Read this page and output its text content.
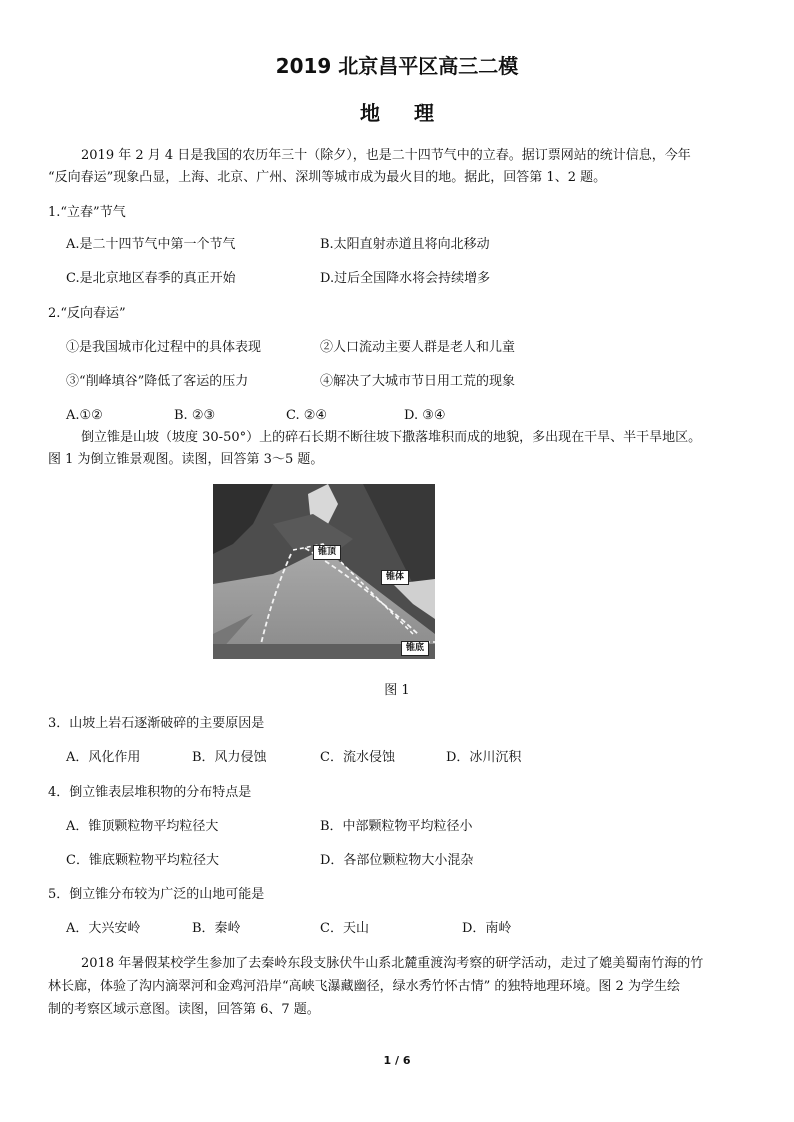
2019 北京昌平区高三二模
地理
2019 年 2 月 4 日是我国的农历年三十（除夕），也是二十四节气中的立春。据订票网站的统计信息，今年
“反向春运”现象凸显，上海、北京、广州、深圳等城市成为最火目的地。据此，回答第 1、2 题。
1.“立春”节气
A.是二十四节气中第一个节气	B.太阳直射赤道且将向北移动
C.是北京地区春季的真正开始	D.过后全国降水将会持续增多
2.“反向春运”
①是我国城市化过程中的具体表现	②人口流动主要人群是老人和儿童
③“削峰填谷”降低了客运的压力	④解决了大城市节日用工荒的现象
A.①②	B. ②③	C. ②④	D. ③④
倒立锥是山坡（坡度 30-50°）上的碎石长期不断往坡下撒落堆积而成的地貌，多出现在干旱、半干旱地区。
图 1 为倒立锥景观图。读图，回答第 3～5 题。
锥顶
锥体
锥底
图 1
3．山坡上岩石逐渐破碎的主要原因是
A．风化作用	B．风力侵蚀	C．流水侵蚀	D．冰川沉积
4．倒立锥表层堆积物的分布特点是
A．锥顶颗粒物平均粒径大	B．中部颗粒物平均粒径小
C．锥底颗粒物平均粒径大	D．各部位颗粒物大小混杂
5．倒立锥分布较为广泛的山地可能是
A．大兴安岭	B．秦岭	C．天山	D．南岭
2018 年暑假某校学生参加了去秦岭东段支脉伏牛山系北麓重渡沟考察的研学活动，走过了媲美蜀南竹海的竹
林长廊，体验了沟内滴翠河和金鸡河沿岸“高峡飞瀑藏幽径，绿水秀竹怀古情” 的独特地理环境。图 2 为学生绘
制的考察区域示意图。读图，回答第 6、7 题。
1 / 6
